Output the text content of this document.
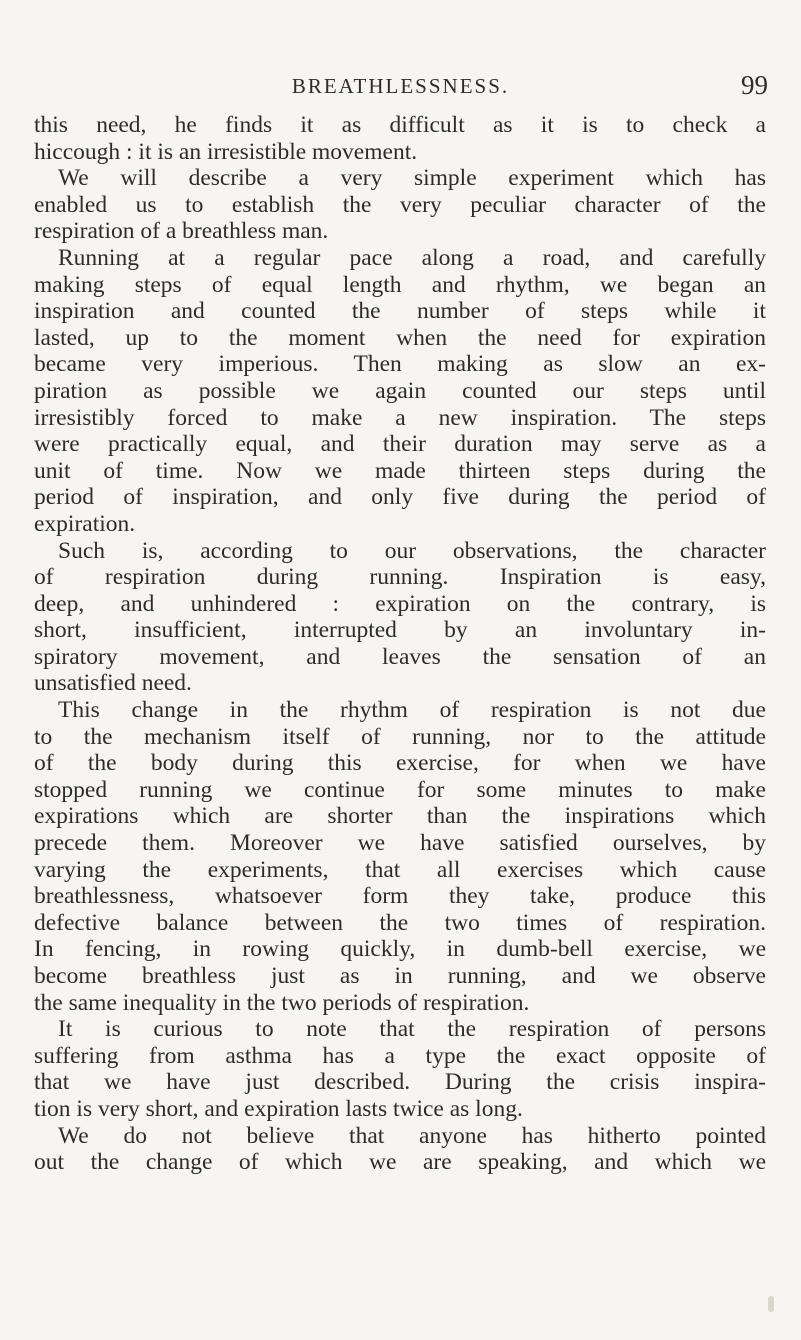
BREATHLESSNESS.	99
this need, he finds it as difficult as it is to check a
hiccough : it is an irresistible movement.
We will describe a very simple experiment which has
enabled us to establish the very peculiar character of the
respiration of a breathless man.
Running at a regular pace along a road, and carefully
making steps of equal length and rhythm, we began an
inspiration and counted the number of steps while it
lasted, up to the moment when the need for expiration
became very imperious. Then making as slow an ex-
piration as possible we again counted our steps until
irresistibly forced to make a new inspiration. The steps
were practically equal, and their duration may serve as a
unit of time. Now we made thirteen steps during the
period of inspiration, and only five during the period of
expiration.
Such is, according to our observations, the character
of respiration during running. Inspiration is easy,
deep, and unhindered : expiration on the contrary, is
short, insufficient, interrupted by an involuntary in-
spiratory movement, and leaves the sensation of an
unsatisfied need.
This change in the rhythm of respiration is not due
to the mechanism itself of running, nor to the attitude
of the body during this exercise, for when we have
stopped running we continue for some minutes to make
expirations which are shorter than the inspirations which
precede them. Moreover we have satisfied ourselves, by
varying the experiments, that all exercises which cause
breathlessness, whatsoever form they take, produce this
defective balance between the two times of respiration.
In fencing, in rowing quickly, in dumb-bell exercise, we
become breathless just as in running, and we observe
the same inequality in the two periods of respiration.
It is curious to note that the respiration of persons
suffering from asthma has a type the exact opposite of
that we have just described. During the crisis inspira-
tion is very short, and expiration lasts twice as long.
We do not believe that anyone has hitherto pointed
out the change of which we are speaking, and which we
